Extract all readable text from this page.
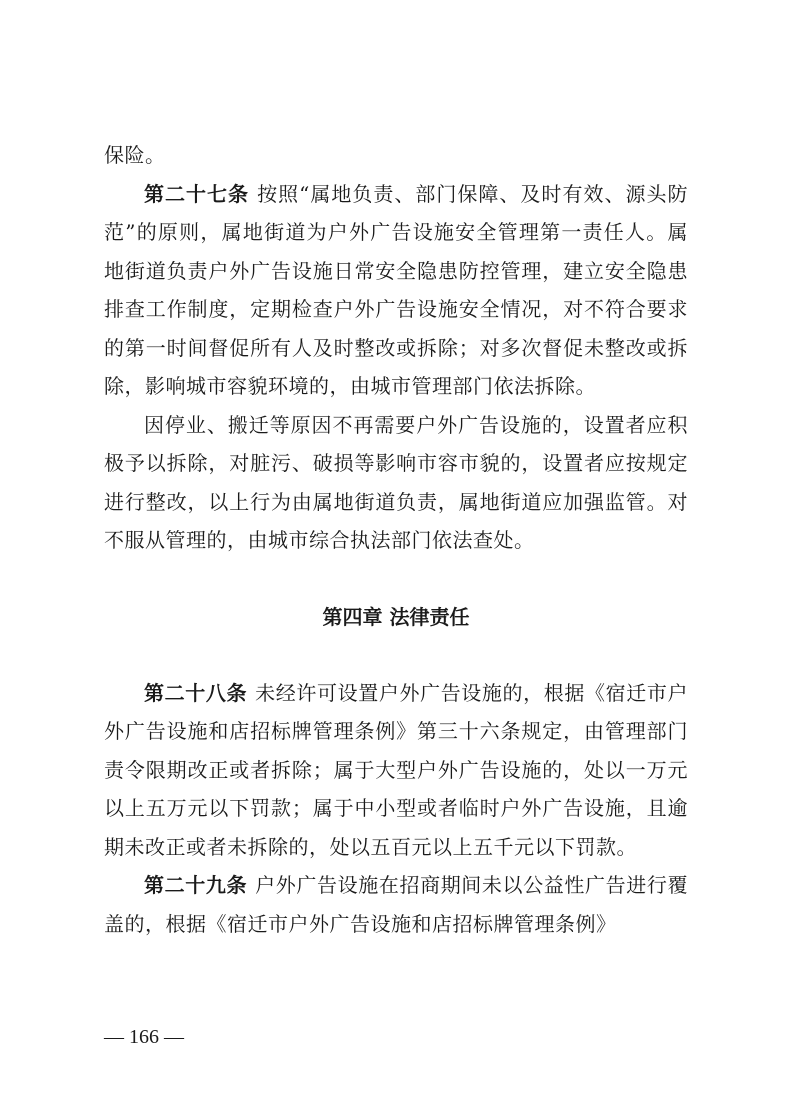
保险。

第二十七条 按照“属地负责、部门保障、及时有效、源头防范”的原则，属地街道为户外广告设施安全管理第一责任人。属地街道负责户外广告设施日常安全隐患防控管理，建立安全隐患排查工作制度，定期检查户外广告设施安全情况，对不符合要求的第一时间督促所有人及时整改或拆除；对多次督促未整改或拆除，影响城市容貌环境的，由城市管理部门依法拆除。

因停业、搬迁等原因不再需要户外广告设施的，设置者应积极予以拆除，对脏污、破损等影响市容市貌的，设置者应按规定进行整改，以上行为由属地街道负责，属地街道应加强监管。对不服从管理的，由城市综合执法部门依法查处。

第四章 法律责任

第二十八条 未经许可设置户外广告设施的，根据《宿迁市户外广告设施和店招标牌管理条例》第三十六条规定，由管理部门责令限期改正或者拆除；属于大型户外广告设施的，处以一万元以上五万元以下罚款；属于中小型或者临时户外广告设施，且逾期未改正或者未拆除的，处以五百元以上五千元以下罚款。

第二十九条 户外广告设施在招商期间未以公益性广告进行覆盖的，根据《宿迁市户外广告设施和店招标牌管理条例》

— 166 —
